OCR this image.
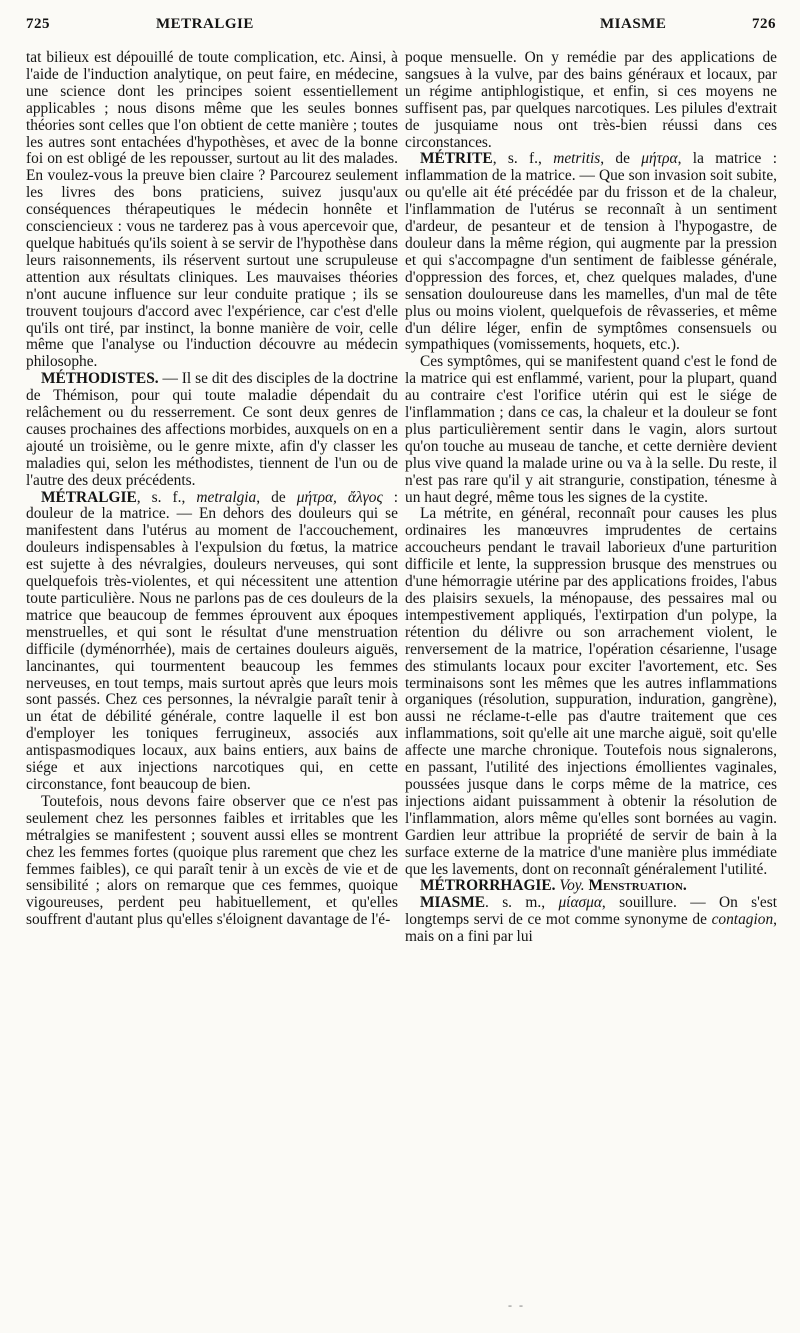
725	METRALGIE	MIASME	726

tat bilieux est dépouillé de toute complication, etc. Ainsi, à l'aide de l'induction analytique, on peut faire, en médecine, une science dont les principes soient essentiellement applicables ; nous disons même que les seules bonnes théories sont celles que l'on obtient de cette manière ; toutes les autres sont entachées d'hypothèses, et avec de la bonne foi on est obligé de les repousser, surtout au lit des malades. En voulez-vous la preuve bien claire ? Parcourez seulement les livres des bons praticiens, suivez jusqu'aux conséquences thérapeutiques le médecin honnête et consciencieux : vous ne tarderez pas à vous apercevoir que, quelque habitués qu'ils soient à se servir de l'hypothèse dans leurs raisonnements, ils réservent surtout une scrupuleuse attention aux résultats cliniques. Les mauvaises théories n'ont aucune influence sur leur conduite pratique ; ils se trouvent toujours d'accord avec l'expérience, car c'est d'elle qu'ils ont tiré, par instinct, la bonne manière de voir, celle même que l'analyse ou l'induction découvre au médecin philosophe.

MÉTHODISTES. — Il se dit des disciples de la doctrine de Thémison, pour qui toute maladie dépendait du relâchement ou du resserrement. Ce sont deux genres de causes prochaines des affections morbides, auxquels on en a ajouté un troisième, ou le genre mixte, afin d'y classer les maladies qui, selon les méthodistes, tiennent de l'un ou de l'autre des deux précédents.

MÉTRALGIE, s. f., metralgia, de μήτρα, ἄλγος : douleur de la matrice. — En dehors des douleurs qui se manifestent dans l'utérus au moment de l'accouchement, douleurs indispensables à l'expulsion du fœtus, la matrice est sujette à des névralgies, douleurs nerveuses, qui sont quelquefois très-violentes, et qui nécessitent une attention toute particulière. Nous ne parlons pas de ces douleurs de la matrice que beaucoup de femmes éprouvent aux époques menstruelles, et qui sont le résultat d'une menstruation difficile (dyménorrhée), mais de certaines douleurs aiguës, lancinantes, qui tourmentent beaucoup les femmes nerveuses, en tout temps, mais surtout après que leurs mois sont passés. Chez ces personnes, la névralgie paraît tenir à un état de débilité générale, contre laquelle il est bon d'employer les toniques ferrugineux, associés aux antispasmodiques locaux, aux bains entiers, aux bains de siége et aux injections narcotiques qui, en cette circonstance, font beaucoup de bien.

Toutefois, nous devons faire observer que ce n'est pas seulement chez les personnes faibles et irritables que les métralgies se manifestent ; souvent aussi elles se montrent chez les femmes fortes (quoique plus rarement que chez les femmes faibles), ce qui paraît tenir à un excès de vie et de sensibilité ; alors on remarque que ces femmes, quoique vigoureuses, perdent peu habituellement, et qu'elles souffrent d'autant plus qu'elles s'éloignent davantage de l'é-

poque mensuelle. On y remédie par des applications de sangsues à la vulve, par des bains généraux et locaux, par un régime antiphlogistique, et enfin, si ces moyens ne suffisent pas, par quelques narcotiques. Les pilules d'extrait de jusquiame nous ont très-bien réussi dans ces circonstances.

MÉTRITE, s. f., metritis, de μήτρα, la matrice : inflammation de la matrice. — Que son invasion soit subite, ou qu'elle ait été précédée par du frisson et de la chaleur, l'inflammation de l'utérus se reconnaît à un sentiment d'ardeur, de pesanteur et de tension à l'hypogastre, de douleur dans la même région, qui augmente par la pression et qui s'accompagne d'un sentiment de faiblesse générale, d'oppression des forces, et, chez quelques malades, d'une sensation douloureuse dans les mamelles, d'un mal de tête plus ou moins violent, quelquefois de rêvasseries, et même d'un délire léger, enfin de symptômes consensuels ou sympathiques (vomissements, hoquets, etc.).

Ces symptômes, qui se manifestent quand c'est le fond de la matrice qui est enflammé, varient, pour la plupart, quand au contraire c'est l'orifice utérin qui est le siége de l'inflammation ; dans ce cas, la chaleur et la douleur se font plus particulièrement sentir dans le vagin, alors surtout qu'on touche au museau de tanche, et cette dernière devient plus vive quand la malade urine ou va à la selle. Du reste, il n'est pas rare qu'il y ait strangurie, constipation, ténesme à un haut degré, même tous les signes de la cystite.

La métrite, en général, reconnaît pour causes les plus ordinaires les manœuvres imprudentes de certains accoucheurs pendant le travail laborieux d'une parturition difficile et lente, la suppression brusque des menstrues ou d'une hémorragie utérine par des applications froides, l'abus des plaisirs sexuels, la ménopause, des pessaires mal ou intempestivement appliqués, l'extirpation d'un polype, la rétention du délivre ou son arrachement violent, le renversement de la matrice, l'opération césarienne, l'usage des stimulants locaux pour exciter l'avortement, etc. Ses terminaisons sont les mêmes que les autres inflammations organiques (résolution, suppuration, induration, gangrène), aussi ne réclame-t-elle pas d'autre traitement que ces inflammations, soit qu'elle ait une marche aiguë, soit qu'elle affecte une marche chronique. Toutefois nous signalerons, en passant, l'utilité des injections émollientes vaginales, poussées jusque dans le corps même de la matrice, ces injections aidant puissamment à obtenir la résolution de l'inflammation, alors même qu'elles sont bornées au vagin. Gardien leur attribue la propriété de servir de bain à la surface externe de la matrice d'une manière plus immédiate que les lavements, dont on reconnaît généralement l'utilité.

MÉTRORRHAGIE. Voy. Menstruation.

MIASME. s. m., μίασμα, souillure. — On s'est longtemps servi de ce mot comme synonyme de contagion, mais on a fini par lui

- -
